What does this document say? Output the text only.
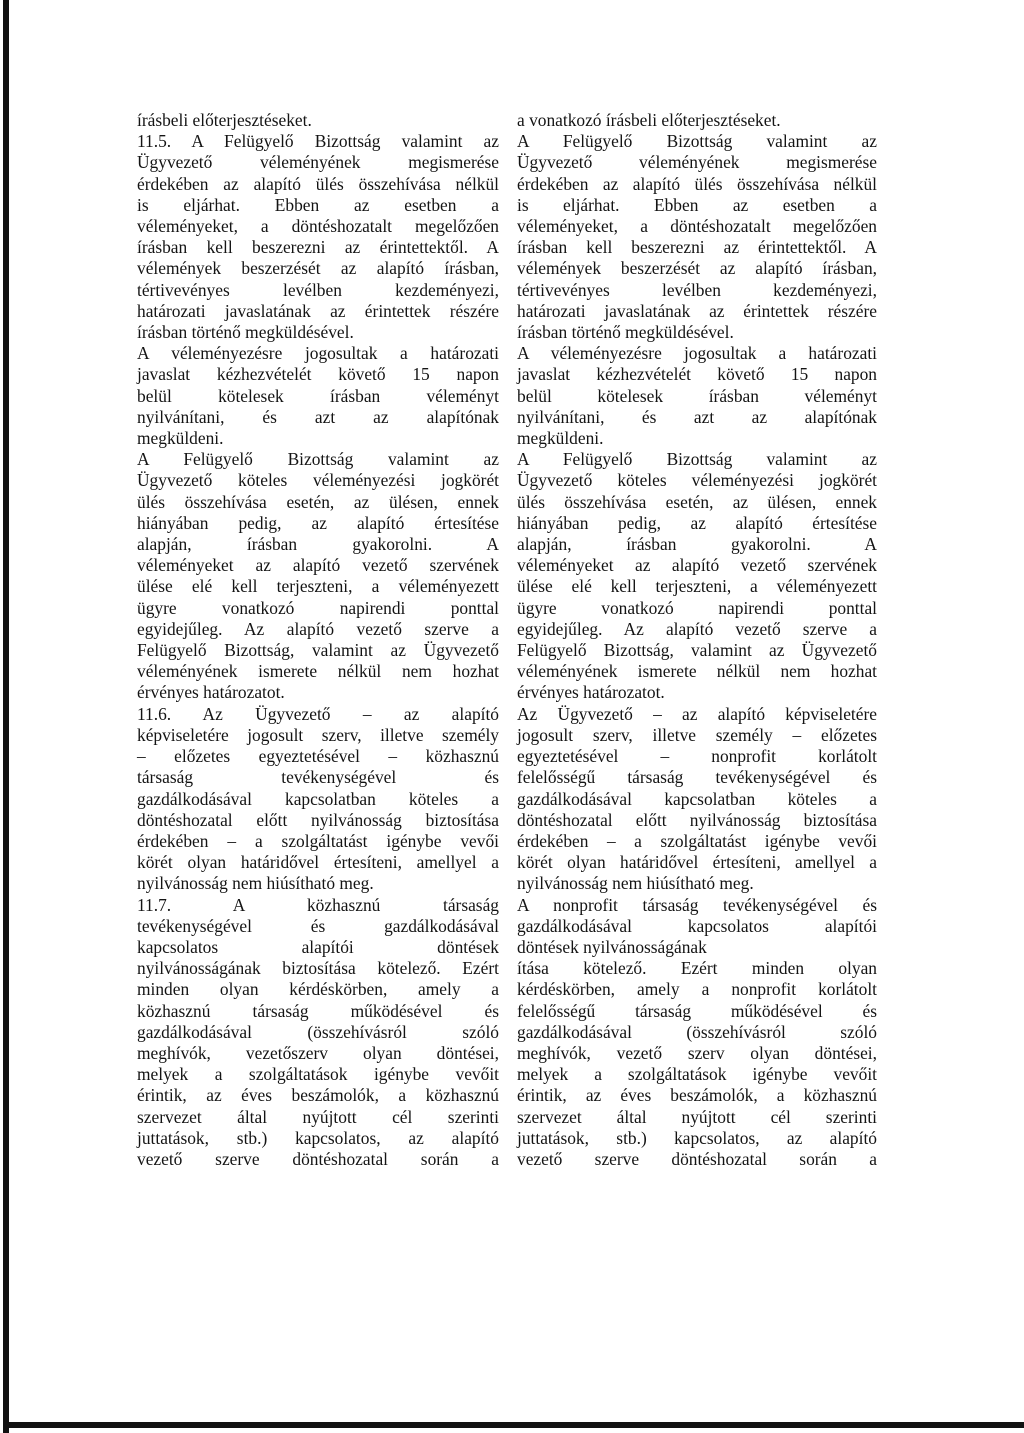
írásbeli előterjesztéseket.

11.5. A Felügyelő Bizottság valamint az

Ügyvezető véleményének megismerése

érdekében az alapító ülés összehívása nélkül

is eljárhat. Ebben az esetben a

véleményeket, a döntéshozatalt megelőzően

írásban kell beszerezni az érintettektől. A

vélemények beszerzését az alapító írásban,

tértivevényes levélben kezdeményezi,

határozati javaslatának az érintettek részére

írásban történő megküldésével.

A véleményezésre jogosultak a határozati

javaslat kézhezvételét követő 15 napon

belül kötelesek írásban véleményt

nyilvánítani, és azt az alapítónak

megküldeni.

A Felügyelő Bizottság valamint az

Ügyvezető köteles véleményezési jogkörét

ülés összehívása esetén, az ülésen, ennek

hiányában pedig, az alapító értesítése

alapján, írásban gyakorolni. A

véleményeket az alapító vezető szervének

ülése elé kell terjeszteni, a véleményezett

ügyre vonatkozó napirendi ponttal

egyidejűleg. Az alapító vezető szerve a

Felügyelő Bizottság, valamint az Ügyvezető

véleményének ismerete nélkül nem hozhat

érvényes határozatot.

11.6. Az Ügyvezető – az alapító

képviseletére jogosult szerv, illetve személy

– előzetes egyeztetésével – közhasznú

társaság tevékenységével és

gazdálkodásával kapcsolatban köteles a

döntéshozatal előtt nyilvánosság biztosítása

érdekében – a szolgáltatást igénybe vevői

körét olyan határidővel értesíteni, amellyel a

nyilvánosság nem hiúsítható meg.

11.7. A közhasznú társaság

tevékenységével és gazdálkodásával

kapcsolatos alapítói döntések

nyilvánosságának biztosítása kötelező. Ezért

minden olyan kérdéskörben, amely a

közhasznú társaság működésével és

gazdálkodásával (összehívásról szóló

meghívók, vezetőszerv olyan döntései,

melyek a szolgáltatások igénybe vevőit

érintik, az éves beszámolók, a közhasznú

szervezet által nyújtott cél szerinti

juttatások, stb.) kapcsolatos, az alapító

vezető szerve döntéshozatal során a

a vonatkozó írásbeli előterjesztéseket.

A Felügyelő Bizottság valamint az

Ügyvezető véleményének megismerése

érdekében az alapító ülés összehívása nélkül

is eljárhat. Ebben az esetben a

véleményeket, a döntéshozatalt megelőzően

írásban kell beszerezni az érintettektől. A

vélemények beszerzését az alapító írásban,

tértivevényes levélben kezdeményezi,

határozati javaslatának az érintettek részére

írásban történő megküldésével.

A véleményezésre jogosultak a határozati

javaslat kézhezvételét követő 15 napon

belül kötelesek írásban véleményt

nyilvánítani, és azt az alapítónak

megküldeni.

A Felügyelő Bizottság valamint az

Ügyvezető köteles véleményezési jogkörét

ülés összehívása esetén, az ülésen, ennek

hiányában pedig, az alapító értesítése

alapján, írásban gyakorolni. A

véleményeket az alapító vezető szervének

ülése elé kell terjeszteni, a véleményezett

ügyre vonatkozó napirendi ponttal

egyidejűleg. Az alapító vezető szerve a

Felügyelő Bizottság, valamint az Ügyvezető

véleményének ismerete nélkül nem hozhat

érvényes határozatot.

Az Ügyvezető – az alapító képviseletére

jogosult szerv, illetve személy – előzetes

egyeztetésével – nonprofit korlátolt

felelősségű társaság tevékenységével és

gazdálkodásával kapcsolatban köteles a

döntéshozatal előtt nyilvánosság biztosítása

érdekében – a szolgáltatást igénybe vevői

körét olyan határidővel értesíteni, amellyel a

nyilvánosság nem hiúsítható meg.

A nonprofit társaság tevékenységével és

gazdálkodásával kapcsolatos alapítói

döntések nyilvánosságának

ítása kötelező. Ezért minden olyan

kérdéskörben, amely a nonprofit korlátolt

felelősségű társaság működésével és

gazdálkodásával (összehívásról szóló

meghívók, vezető szerv olyan döntései,

melyek a szolgáltatások igénybe vevőit

érintik, az éves beszámolók, a közhasznú

szervezet által nyújtott cél szerinti

juttatások, stb.) kapcsolatos, az alapító

vezető szerve döntéshozatal során a
